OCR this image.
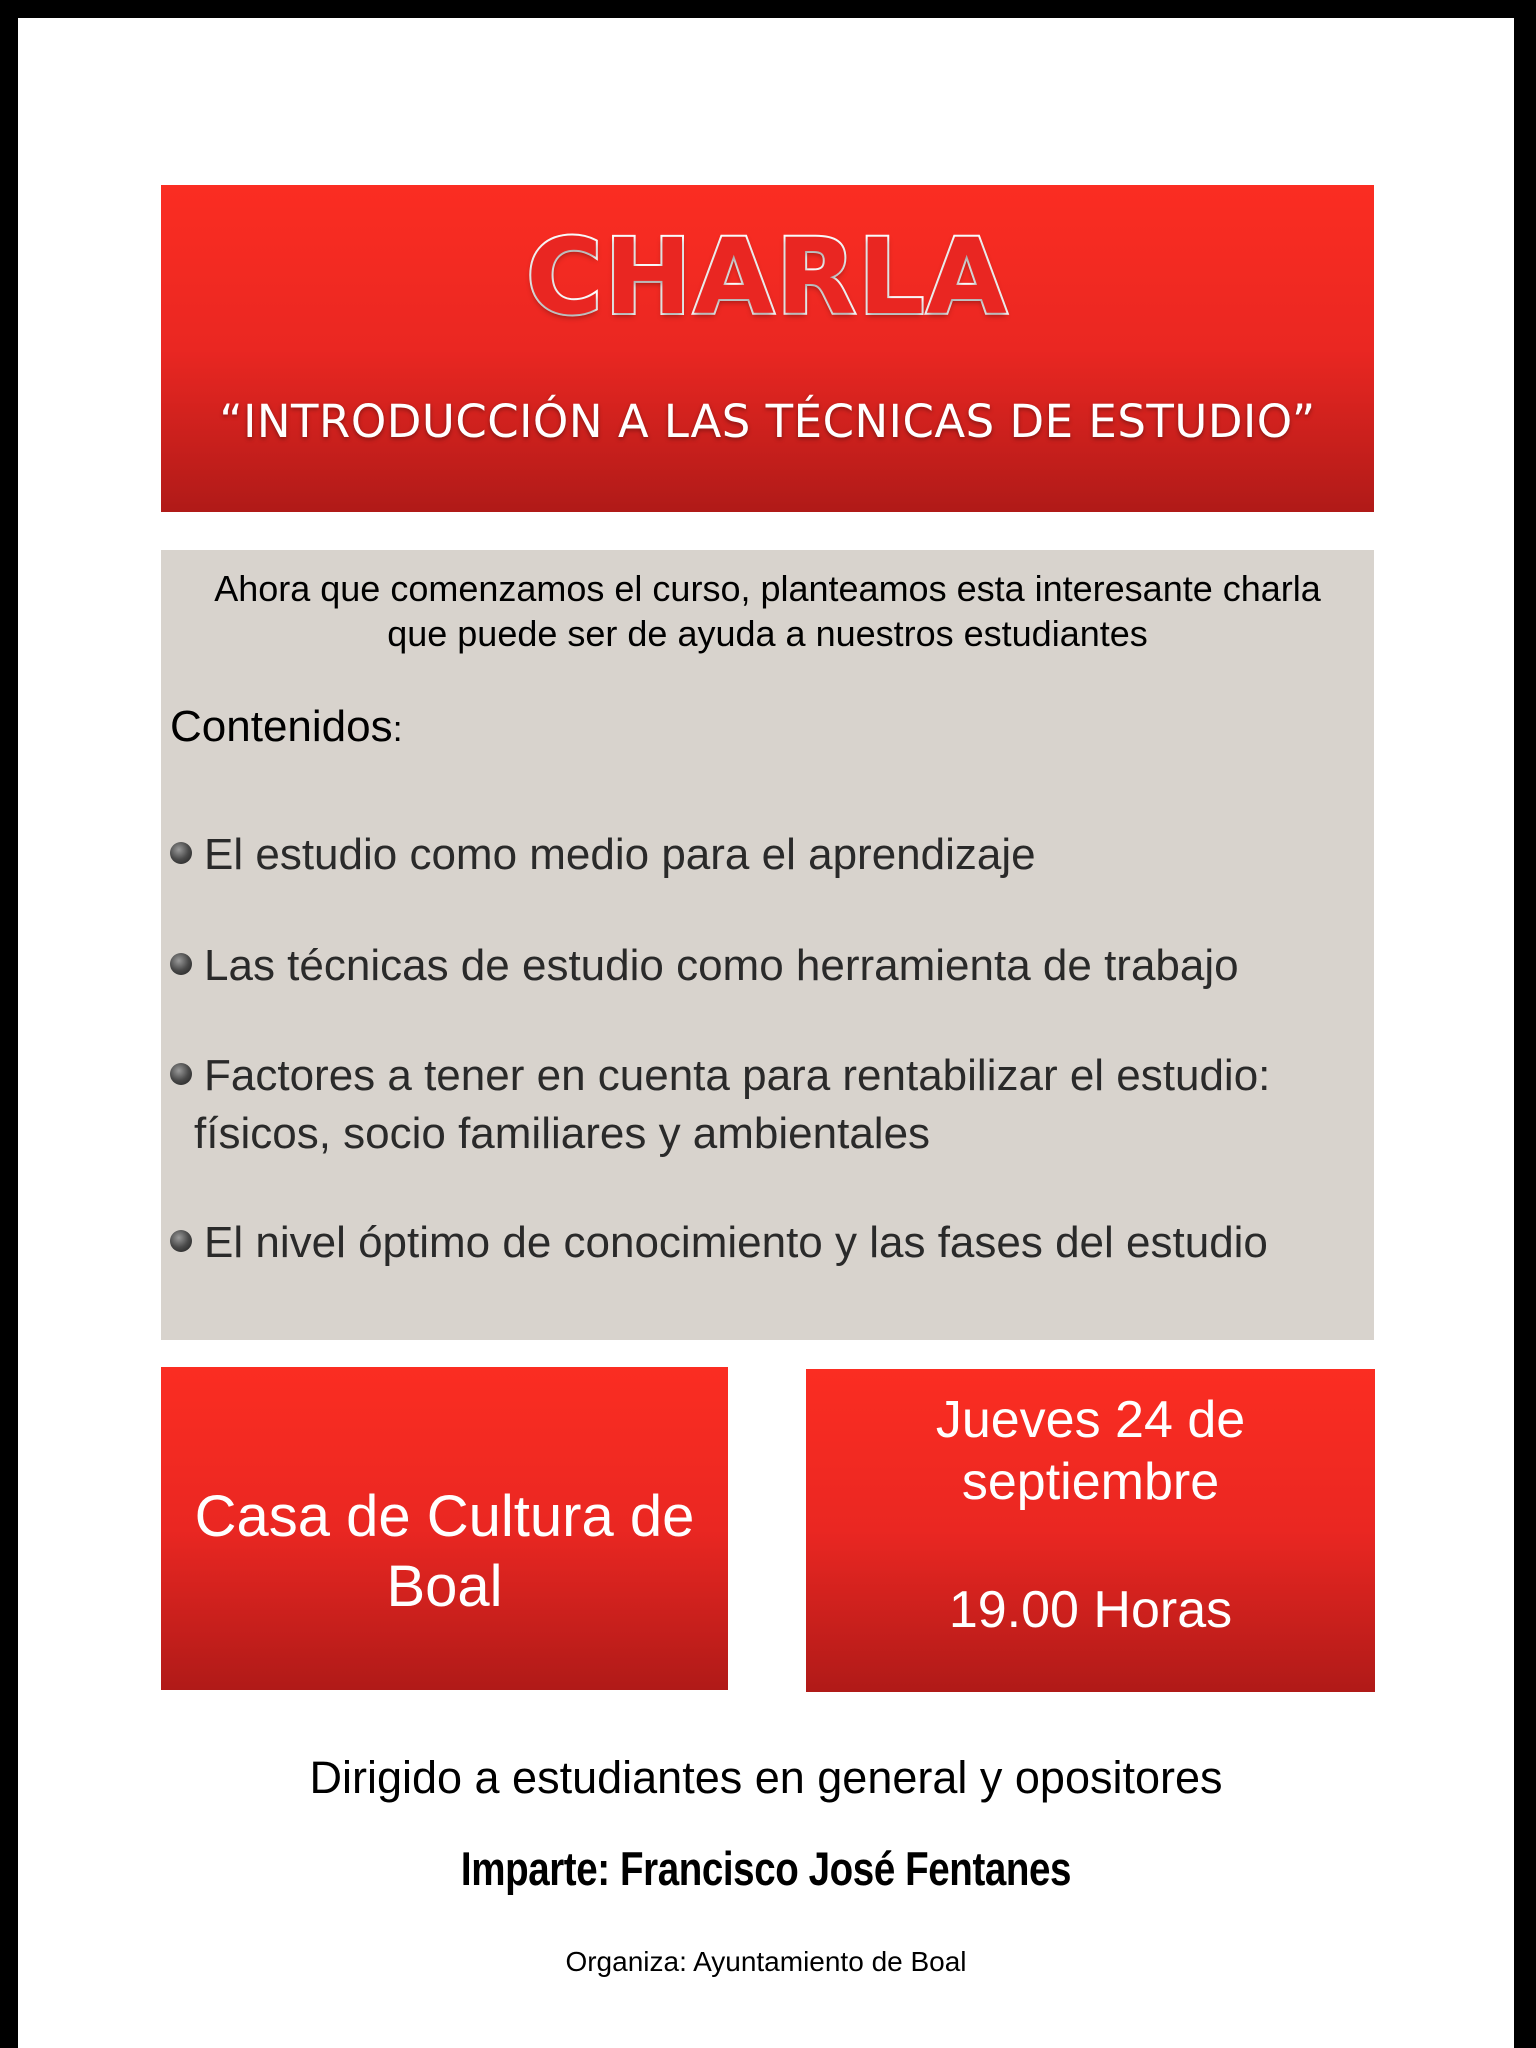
CHARLA
“INTRODUCCIÓN A LAS TÉCNICAS DE ESTUDIO”
Ahora que comenzamos el curso, planteamos esta interesante charla
que puede ser de ayuda a nuestros estudiantes
Contenidos:
El estudio como medio para el aprendizaje
Las técnicas de estudio como herramienta de trabajo
Factores a tener en cuenta para rentabilizar el estudio:
físicos, socio familiares y ambientales
El nivel óptimo de conocimiento y las fases del estudio
Casa de Cultura de
Boal
Jueves 24 de
septiembre
19.00 Horas
Dirigido a estudiantes en general y opositores
Imparte: Francisco José Fentanes
Organiza: Ayuntamiento de Boal
